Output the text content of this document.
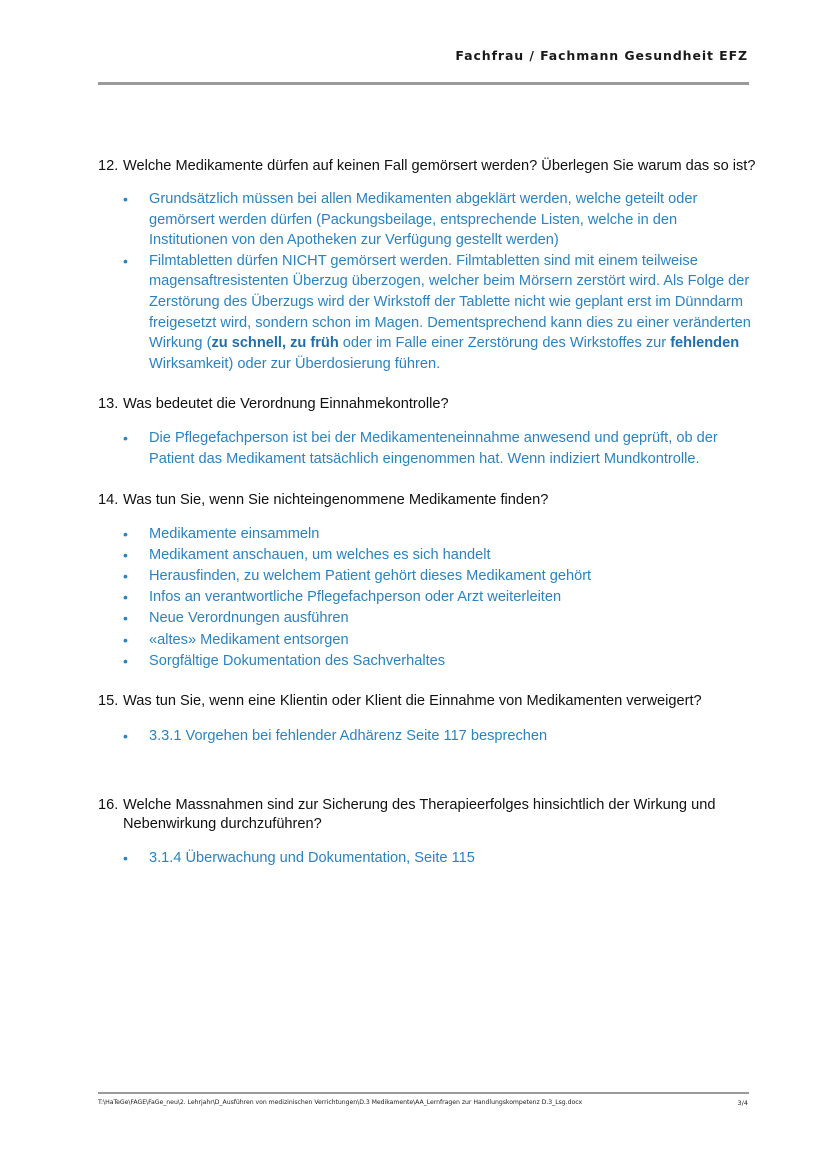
Fachfrau / Fachmann Gesundheit EFZ
12. Welche Medikamente dürfen auf keinen Fall gemörsert werden? Überlegen Sie warum das so ist?
• Grundsätzlich müssen bei allen Medikamenten abgeklärt werden, welche geteilt oder gemörsert werden dürfen (Packungsbeilage, entsprechende Listen, welche in den Institutionen von den Apotheken zur Verfügung gestellt werden)
• Filmtabletten dürfen NICHT gemörsert werden. Filmtabletten sind mit einem teilweise magensaftresistenten Überzug überzogen, welcher beim Mörsern zerstört wird. Als Folge der Zerstörung des Überzugs wird der Wirkstoff der Tablette nicht wie geplant erst im Dünndarm freigesetzt wird, sondern schon im Magen. Dementsprechend kann dies zu einer veränderten Wirkung (zu schnell, zu früh oder im Falle einer Zerstörung des Wirkstoffes zur fehlenden Wirksamkeit) oder zur Überdosierung führen.
13. Was bedeutet die Verordnung Einnahmekontrolle?
• Die Pflegefachperson ist bei der Medikamenteneinnahme anwesend und geprüft, ob der Patient das Medikament tatsächlich eingenommen hat. Wenn indiziert Mundkontrolle.
14. Was tun Sie, wenn Sie nichteingenommene Medikamente finden?
• Medikamente einsammeln
• Medikament anschauen, um welches es sich handelt
• Herausfinden, zu welchem Patient gehört dieses Medikament gehört
• Infos an verantwortliche Pflegefachperson oder Arzt weiterleiten
• Neue Verordnungen ausführen
• «altes» Medikament entsorgen
• Sorgfältige Dokumentation des Sachverhaltes
15. Was tun Sie, wenn eine Klientin oder Klient die Einnahme von Medikamenten verweigert?
• 3.3.1 Vorgehen bei fehlender Adhärenz Seite 117 besprechen
16. Welche Massnahmen sind zur Sicherung des Therapieerfolges hinsichtlich der Wirkung und Nebenwirkung durchzuführen?
• 3.1.4 Überwachung und Dokumentation, Seite 115
T:\HaTeGe\FAGE\FaGe_neu\2. Lehrjahr\D_Ausführen von medizinischen Verrichtungen\D.3 Medikamente\AA_Lernfragen zur Handlungskompetenz D.3_Lsg.docx	3/4
